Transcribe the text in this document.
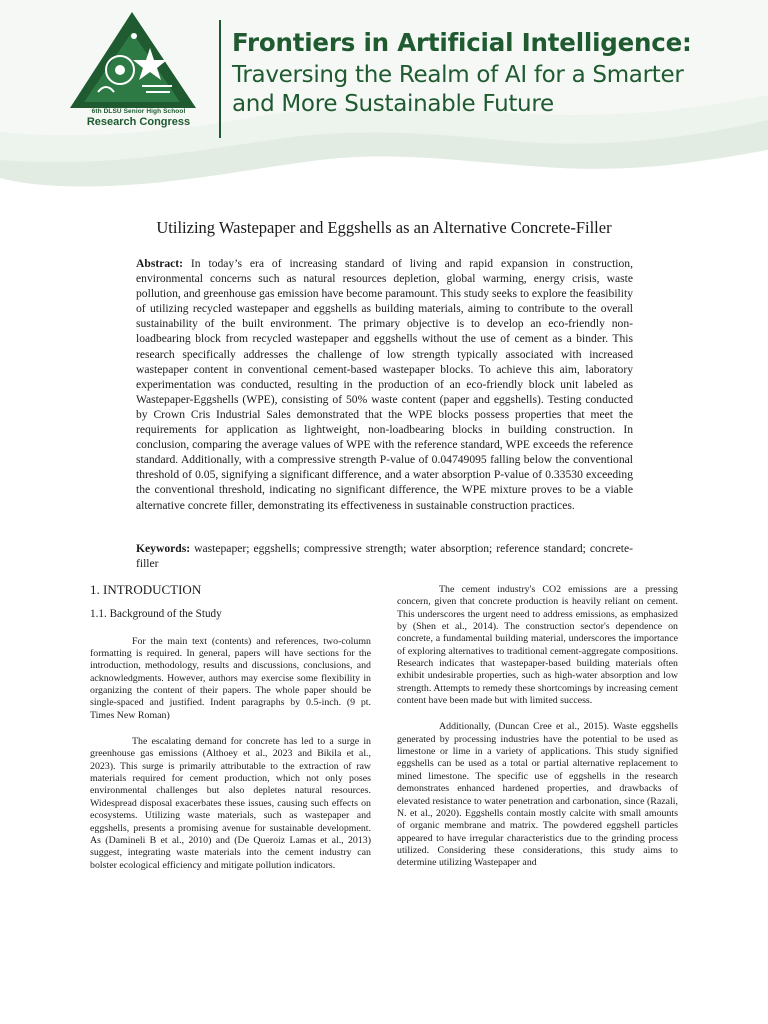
6th DLSU Senior High School
Research Congress
Frontiers in Artificial Intelligence:
Traversing the Realm of AI for a Smarter and More Sustainable Future
Utilizing Wastepaper and Eggshells as an Alternative Concrete-Filler
Abstract: In today’s era of increasing standard of living and rapid expansion in construction, environmental concerns such as natural resources depletion, global warming, energy crisis, waste pollution, and greenhouse gas emission have become paramount. This study seeks to explore the feasibility of utilizing recycled wastepaper and eggshells as building materials, aiming to contribute to the overall sustainability of the built environment. The primary objective is to develop an eco-friendly non-loadbearing block from recycled wastepaper and eggshells without the use of cement as a binder. This research specifically addresses the challenge of low strength typically associated with increased wastepaper content in conventional cement-based wastepaper blocks. To achieve this aim, laboratory experimentation was conducted, resulting in the production of an eco-friendly block unit labeled as Wastepaper-Eggshells (WPE), consisting of 50% waste content (paper and eggshells). Testing conducted by Crown Cris Industrial Sales demonstrated that the WPE blocks possess properties that meet the requirements for application as lightweight, non-loadbearing blocks in building construction. In conclusion, comparing the average values of WPE with the reference standard, WPE exceeds the reference standard. Additionally, with a compressive strength P-value of 0.04749095 falling below the conventional threshold of 0.05, signifying a significant difference, and a water absorption P-value of 0.33530 exceeding the conventional threshold, indicating no significant difference, the WPE mixture proves to be a viable alternative concrete filler, demonstrating its effectiveness in sustainable construction practices.
Keywords: wastepaper; eggshells; compressive strength; water absorption; reference standard; concrete-filler
1. INTRODUCTION
1.1. Background of the Study

For the main text (contents) and references, two-column formatting is required. In general, papers will have sections for the introduction, methodology, results and discussions, conclusions, and acknowledgments. However, authors may exercise some flexibility in organizing the content of their papers. The whole paper should be single-spaced and justified. Indent paragraphs by 0.5-inch. (9 pt. Times New Roman)

The escalating demand for concrete has led to a surge in greenhouse gas emissions (Althoey et al., 2023 and Bikila et al., 2023). This surge is primarily attributable to the extraction of raw materials required for cement production, which not only poses environmental challenges but also depletes natural resources. Widespread disposal exacerbates these issues, causing such effects on ecosystems. Utilizing waste materials, such as wastepaper and eggshells, presents a promising avenue for sustainable development. As (Damineli B et al., 2010) and (De Queroiz Lamas et al., 2013) suggest, integrating waste materials into the cement industry can bolster ecological efficiency and mitigate pollution indicators.

The cement industry's CO2 emissions are a pressing concern, given that concrete production is heavily reliant on cement. This underscores the urgent need to address emissions, as emphasized by (Shen et al., 2014). The construction sector's dependence on concrete, a fundamental building material, underscores the importance of exploring alternatives to traditional cement-aggregate compositions. Research indicates that wastepaper-based building materials often exhibit undesirable properties, such as high-water absorption and low strength. Attempts to remedy these shortcomings by increasing cement content have been made but with limited success.

Additionally, (Duncan Cree et al., 2015). Waste eggshells generated by processing industries have the potential to be used as limestone or lime in a variety of applications. This study signified eggshells can be used as a total or partial alternative replacement to mined limestone. The specific use of eggshells in the research demonstrates enhanced hardened properties, and drawbacks of elevated resistance to water penetration and carbonation, since (Razali, N. et al., 2020). Eggshells contain mostly calcite with small amounts of organic membrane and matrix. The powdered eggshell particles appeared to have irregular characteristics due to the grinding process utilized. Considering these considerations, this study aims to determine utilizing Wastepaper and
